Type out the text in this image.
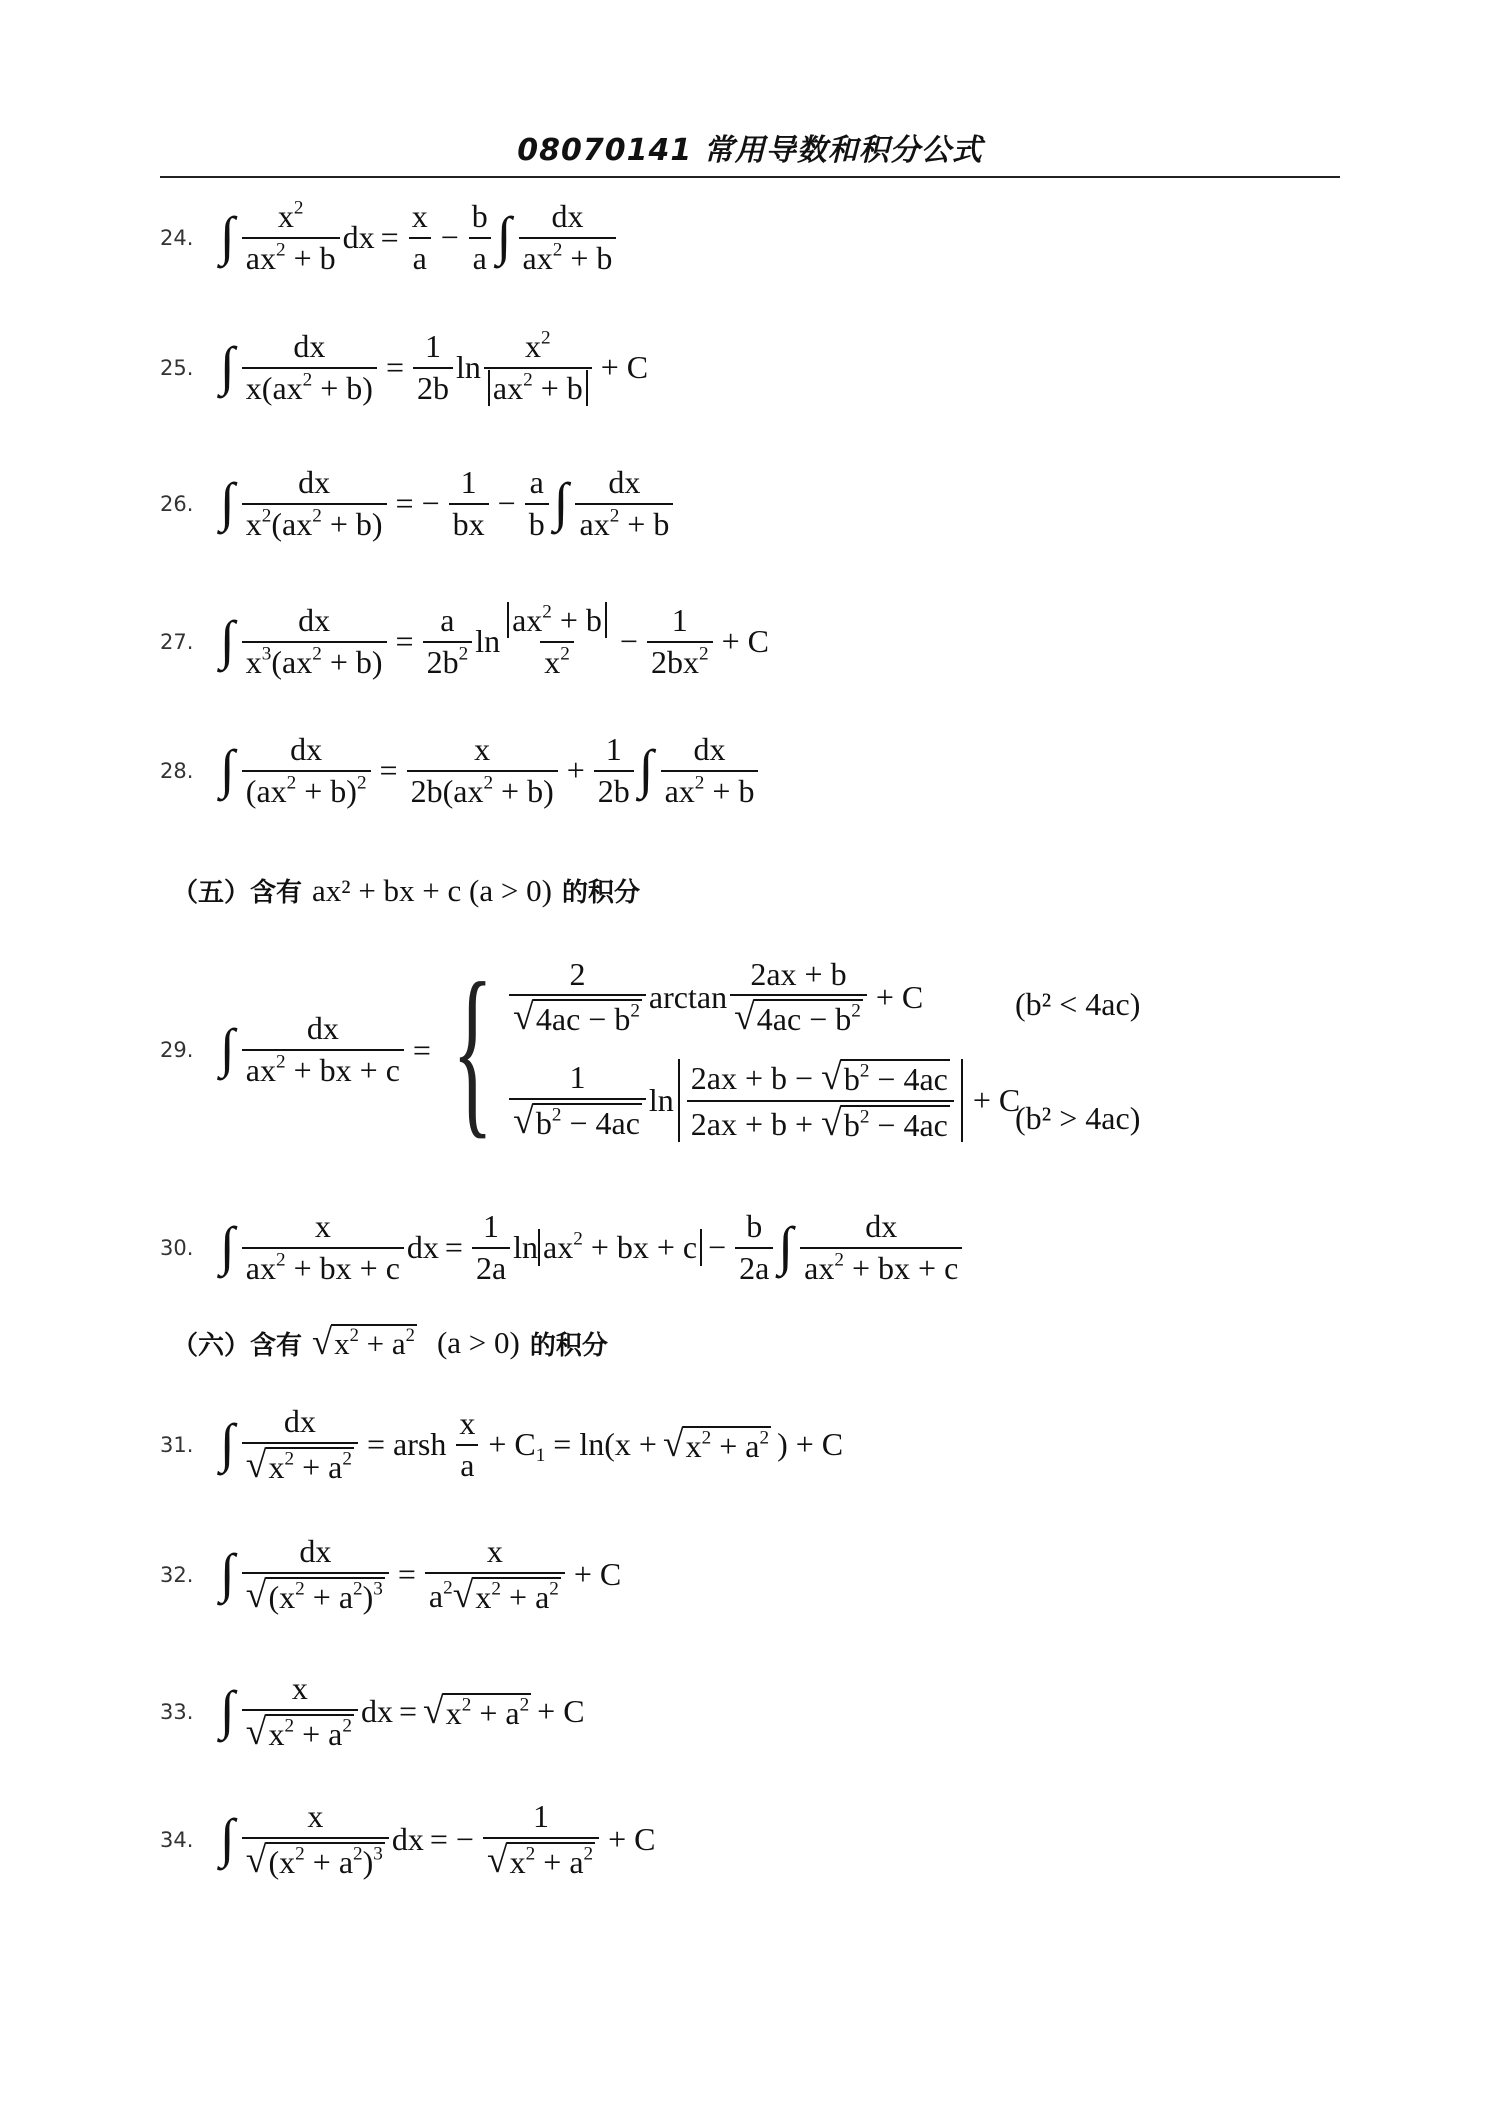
08070141 常用导数和积分公式
24. ∫ $\frac{x^2}{ax^2 + b}$ dx = $\frac{x}{a} - \frac{b}{a}$ ∫ $\frac{dx}{ax^2 + b}$
25. ∫ $\frac{dx}{x(ax^2 + b)} = \frac{1}{2b}$ $\ln \frac{x^2}{ax^2 + b} + C$
26. ∫ $\frac{dx}{x^2(ax^2 + b)}$ = − $\frac{1}{bx} - \frac{a}{b}$ ∫ $\frac{dx}{ax^2 + b}$
27. ∫ $\frac{dx}{x^3(ax^2 + b)} = \frac{a}{2b^2}$ $\ln \frac{ax^2 + b}{x^2} - \frac{1}{2bx^2} + C$
28. ∫ $\frac{dx}{(ax^2 + b)^2} = \frac{x}{2b(ax^2 + b)} + \frac{1}{2b}$ ∫ $\frac{dx}{ax^2 + b}$
（五）含有 ax² + bx + c (a > 0) 的积分
29. ∫ $\frac{dx}{ax^2 + bx + c}$ = { $\frac{2}{√ 4ac - b^2}$ $\arctan \frac{2ax + b}{√ 4ac - b^2} + C$
$\frac{1}{√ b^2 - 4ac}$ $\ln \frac{2ax + b - √ b^2 - 4ac}{2ax + b + √ b^2 - 4ac} + C$
(b² < 4ac)
(b² > 4ac)
30. ∫ $\frac{x}{ax^2 + bx + c}$ dx = $\frac{1}{2a}$ $\ln ax^2$ + bx + $c - \frac{b}{2a}$ ∫ $\frac{dx}{ax^2 + bx + c}$
（六）含有 √ $x^2 + a^2$ (a > 0) 的积分
31. ∫ $\frac{dx}{√ x^2 + a^2}$ = arsh $\frac{x}{a} + C_1 = \ln(x$ + √ $x^2 + a^2$ ) + C
32. ∫ $\frac{dx}{√ (x^2 + a^2)^3} = \frac{x}{a^2 √ x^2 + a^2} + C$
33. ∫ $\frac{x}{√ x^2 + a^2}$ dx = √ $x^2 + a^2 + C$
34. ∫ $\frac{x}{√ (x^2 + a^2)^3}$ dx = − $\frac{1}{√ x^2 + a^2} + C$
